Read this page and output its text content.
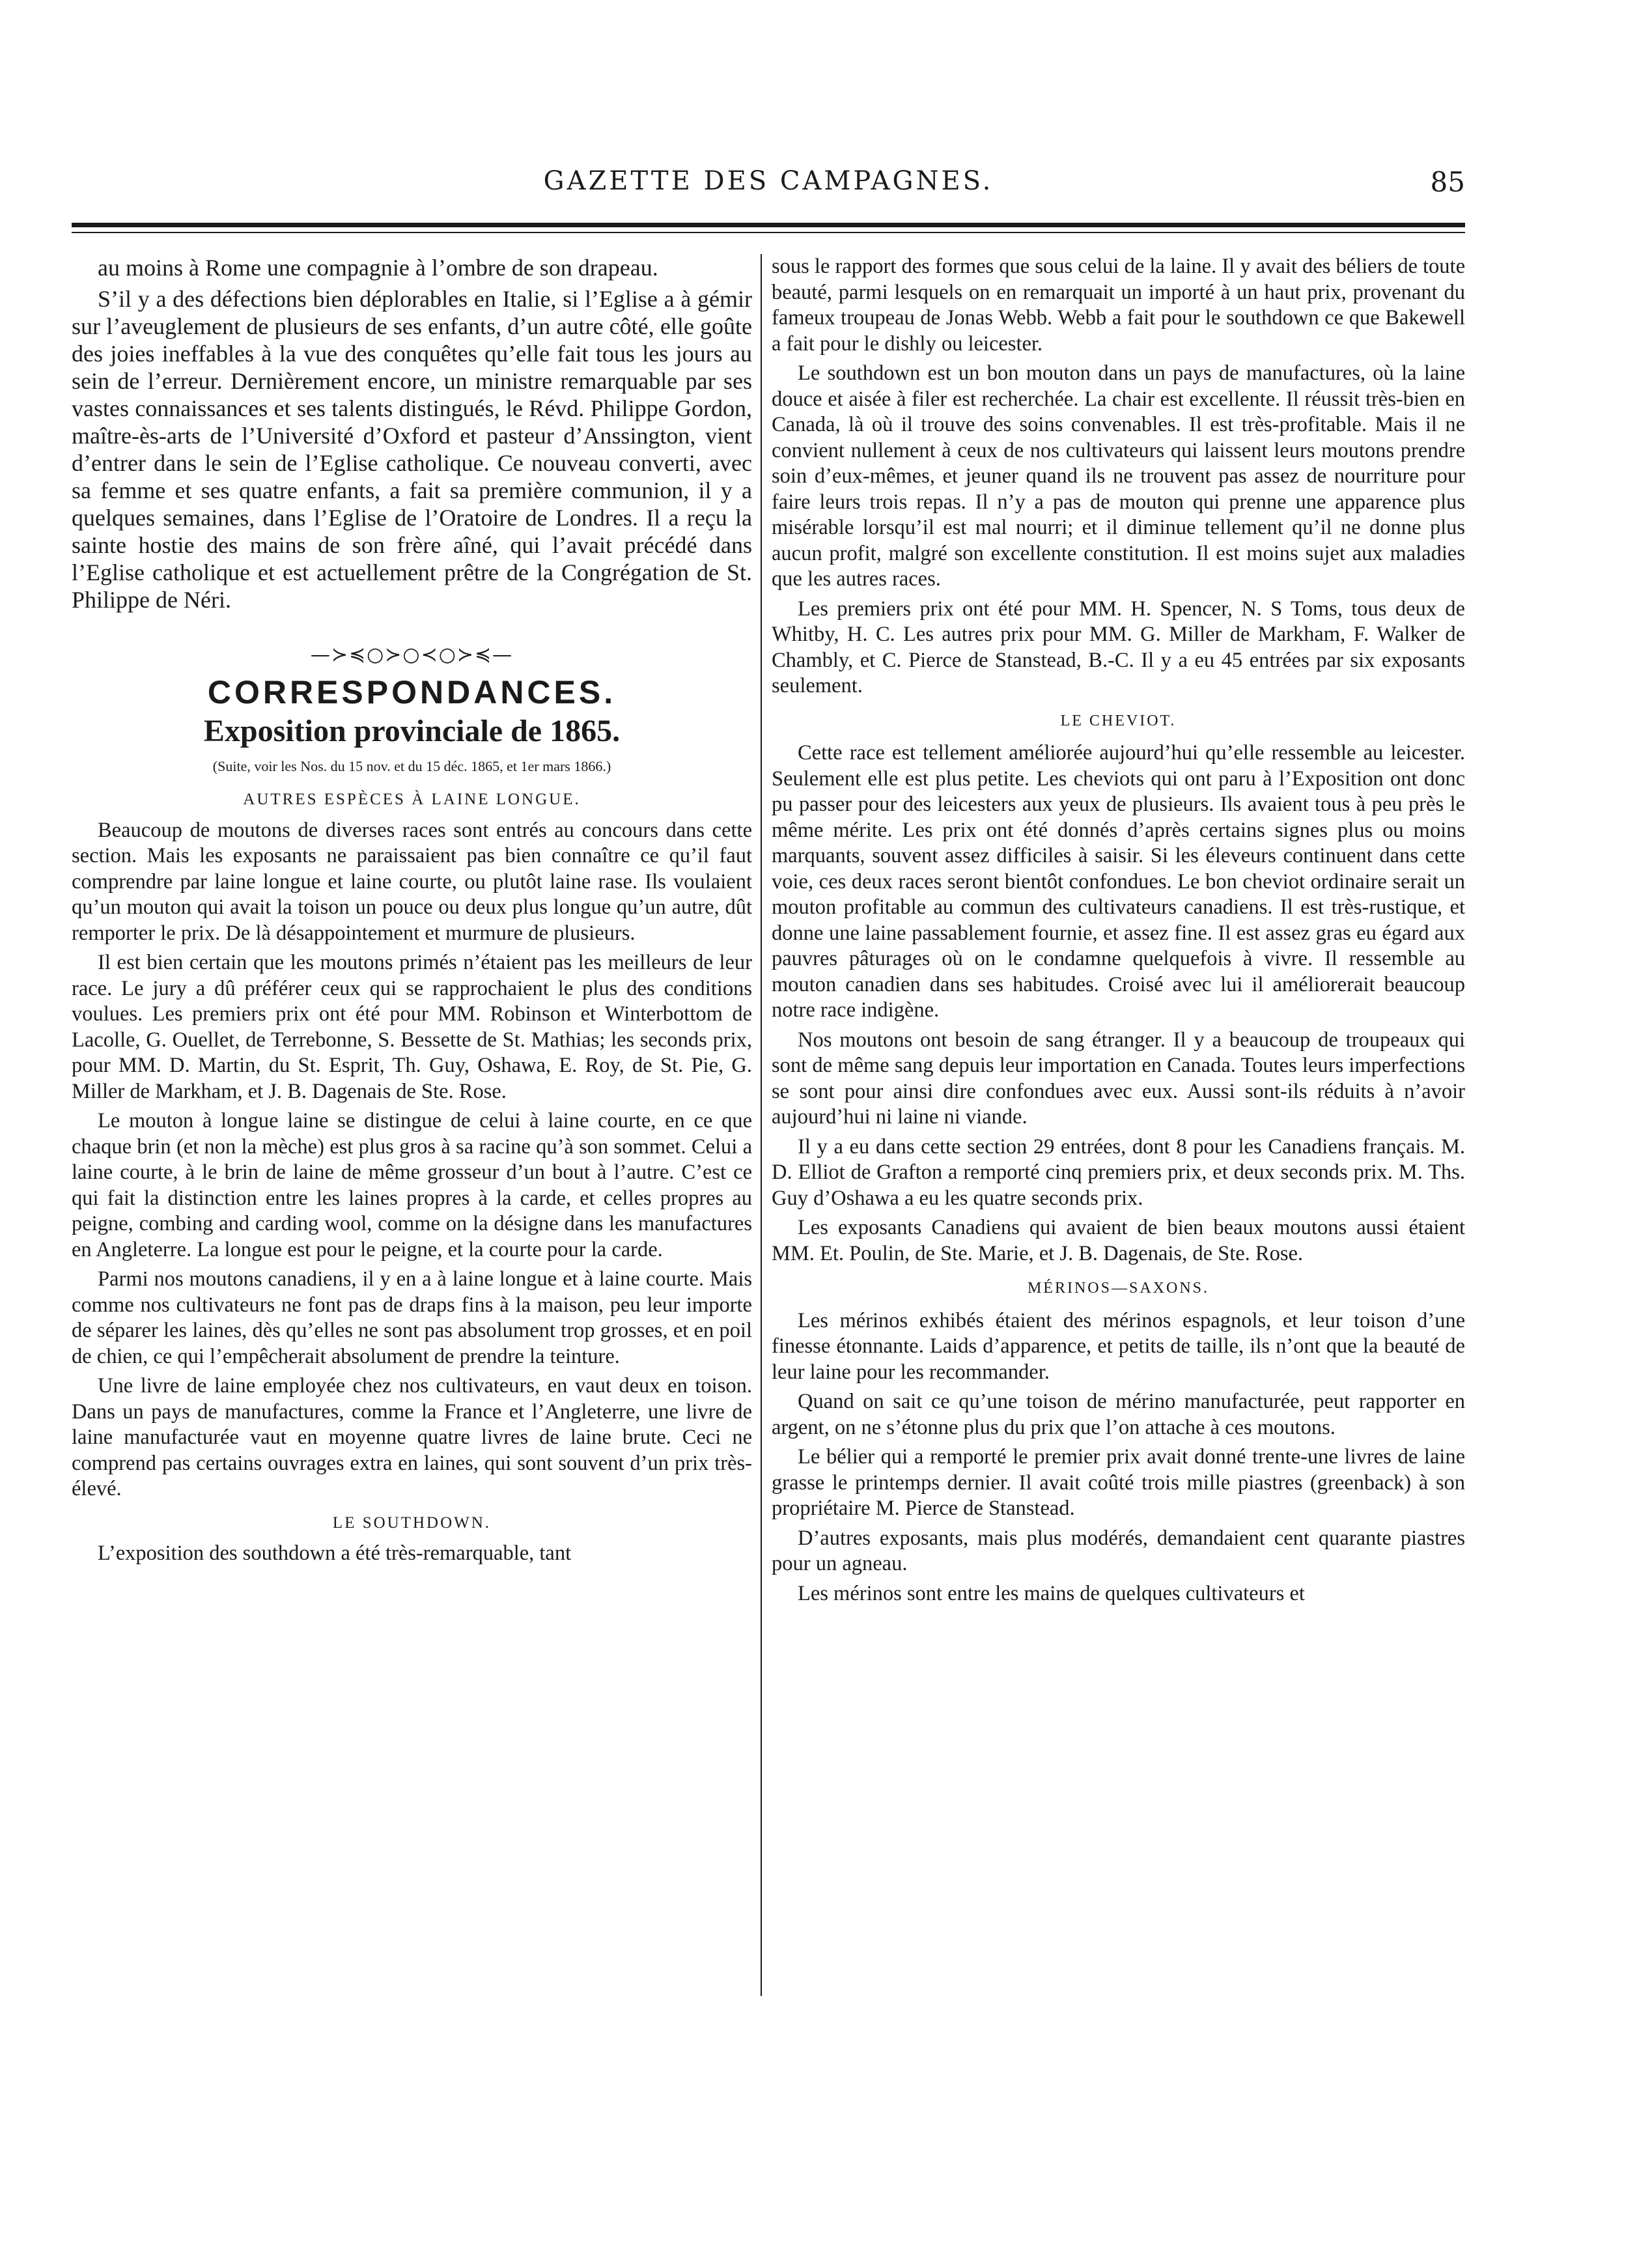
GAZETTE DES CAMPAGNES.	85

au moins à Rome une compagnie à l’ombre de son drapeau.

S’il y a des défections bien déplorables en Italie, si l’Eglise a à gémir sur l’aveuglement de plusieurs de ses enfants, d’un autre côté, elle goûte des joies ineffables à la vue des conquêtes qu’elle fait tous les jours au sein de l’erreur. Dernièrement encore, un ministre remarquable par ses vastes connaissances et ses talents distingués, le Révd. Philippe Gordon, maître-ès-arts de l’Université d’Oxford et pasteur d’Anssington, vient d’entrer dans le sein de l’Eglise catholique. Ce nouveau converti, avec sa femme et ses quatre enfants, a fait sa première communion, il y a quelques semaines, dans l’Eglise de l’Oratoire de Londres. Il a reçu la sainte hostie des mains de son frère aîné, qui l’avait précédé dans l’Eglise catholique et est actuellement prêtre de la Congrégation de St. Philippe de Néri.

—≻≼○≻○≺○≻≼—
CORRESPONDANCES.
Exposition provinciale de 1865.
(Suite, voir les Nos. du 15 nov. et du 15 déc. 1865, et 1er mars 1866.)
AUTRES ESPÈCES À LAINE LONGUE.

Beaucoup de moutons de diverses races sont entrés au concours dans cette section. Mais les exposants ne paraissaient pas bien connaître ce qu’il faut comprendre par laine longue et laine courte, ou plutôt laine rase. Ils voulaient qu’un mouton qui avait la toison un pouce ou deux plus longue qu’un autre, dût remporter le prix. De là désappointement et murmure de plusieurs.

Il est bien certain que les moutons primés n’étaient pas les meilleurs de leur race. Le jury a dû préférer ceux qui se rapprochaient le plus des conditions voulues. Les premiers prix ont été pour MM. Robinson et Winterbottom de Lacolle, G. Ouellet, de Terrebonne, S. Bessette de St. Mathias; les seconds prix, pour MM. D. Martin, du St. Esprit, Th. Guy, Oshawa, E. Roy, de St. Pie, G. Miller de Markham, et J. B. Dagenais de Ste. Rose.

Le mouton à longue laine se distingue de celui à laine courte, en ce que chaque brin (et non la mèche) est plus gros à sa racine qu’à son sommet. Celui a laine courte, à le brin de laine de même grosseur d’un bout à l’autre. C’est ce qui fait la distinction entre les laines propres à la carde, et celles propres au peigne, combing and carding wool, comme on la désigne dans les manufactures en Angleterre. La longue est pour le peigne, et la courte pour la carde.

Parmi nos moutons canadiens, il y en a à laine longue et à laine courte. Mais comme nos cultivateurs ne font pas de draps fins à la maison, peu leur importe de séparer les laines, dès qu’elles ne sont pas absolument trop grosses, et en poil de chien, ce qui l’empêcherait absolument de prendre la teinture.

Une livre de laine employée chez nos cultivateurs, en vaut deux en toison. Dans un pays de manufactures, comme la France et l’Angleterre, une livre de laine manufacturée vaut en moyenne quatre livres de laine brute. Ceci ne comprend pas certains ouvrages extra en laines, qui sont souvent d’un prix très-élevé.

LE SOUTHDOWN.

L’exposition des southdown a été très-remarquable, tant

sous le rapport des formes que sous celui de la laine. Il y avait des béliers de toute beauté, parmi lesquels on en remarquait un importé à un haut prix, provenant du fameux troupeau de Jonas Webb. Webb a fait pour le southdown ce que Bakewell a fait pour le dishly ou leicester.

Le southdown est un bon mouton dans un pays de manufactures, où la laine douce et aisée à filer est recherchée. La chair est excellente. Il réussit très-bien en Canada, là où il trouve des soins convenables. Il est très-profitable. Mais il ne convient nullement à ceux de nos cultivateurs qui laissent leurs moutons prendre soin d’eux-mêmes, et jeuner quand ils ne trouvent pas assez de nourriture pour faire leurs trois repas. Il n’y a pas de mouton qui prenne une apparence plus misérable lorsqu’il est mal nourri; et il diminue tellement qu’il ne donne plus aucun profit, malgré son excellente constitution. Il est moins sujet aux maladies que les autres races.

Les premiers prix ont été pour MM. H. Spencer, N. S Toms, tous deux de Whitby, H. C. Les autres prix pour MM. G. Miller de Markham, F. Walker de Chambly, et C. Pierce de Stanstead, B.-C. Il y a eu 45 entrées par six exposants seulement.

LE CHEVIOT.

Cette race est tellement améliorée aujourd’hui qu’elle ressemble au leicester. Seulement elle est plus petite. Les cheviots qui ont paru à l’Exposition ont donc pu passer pour des leicesters aux yeux de plusieurs. Ils avaient tous à peu près le même mérite. Les prix ont été donnés d’après certains signes plus ou moins marquants, souvent assez difficiles à saisir. Si les éleveurs continuent dans cette voie, ces deux races seront bientôt confondues. Le bon cheviot ordinaire serait un mouton profitable au commun des cultivateurs canadiens. Il est très-rustique, et donne une laine passablement fournie, et assez fine. Il est assez gras eu égard aux pauvres pâturages où on le condamne quelquefois à vivre. Il ressemble au mouton canadien dans ses habitudes. Croisé avec lui il améliorerait beaucoup notre race indigène.

Nos moutons ont besoin de sang étranger. Il y a beaucoup de troupeaux qui sont de même sang depuis leur importation en Canada. Toutes leurs imperfections se sont pour ainsi dire confondues avec eux. Aussi sont-ils réduits à n’avoir aujourd’hui ni laine ni viande.

Il y a eu dans cette section 29 entrées, dont 8 pour les Canadiens français. M. D. Elliot de Grafton a remporté cinq premiers prix, et deux seconds prix. M. Ths. Guy d’Oshawa a eu les quatre seconds prix.

Les exposants Canadiens qui avaient de bien beaux moutons aussi étaient MM. Et. Poulin, de Ste. Marie, et J. B. Dagenais, de Ste. Rose.

MÉRINOS—SAXONS.

Les mérinos exhibés étaient des mérinos espagnols, et leur toison d’une finesse étonnante. Laids d’apparence, et petits de taille, ils n’ont que la beauté de leur laine pour les recommander.

Quand on sait ce qu’une toison de mérino manufacturée, peut rapporter en argent, on ne s’étonne plus du prix que l’on attache à ces moutons.

Le bélier qui a remporté le premier prix avait donné trente-une livres de laine grasse le printemps dernier. Il avait coûté trois mille piastres (greenback) à son propriétaire M. Pierce de Stanstead.

D’autres exposants, mais plus modérés, demandaient cent quarante piastres pour un agneau.

Les mérinos sont entre les mains de quelques cultivateurs et
